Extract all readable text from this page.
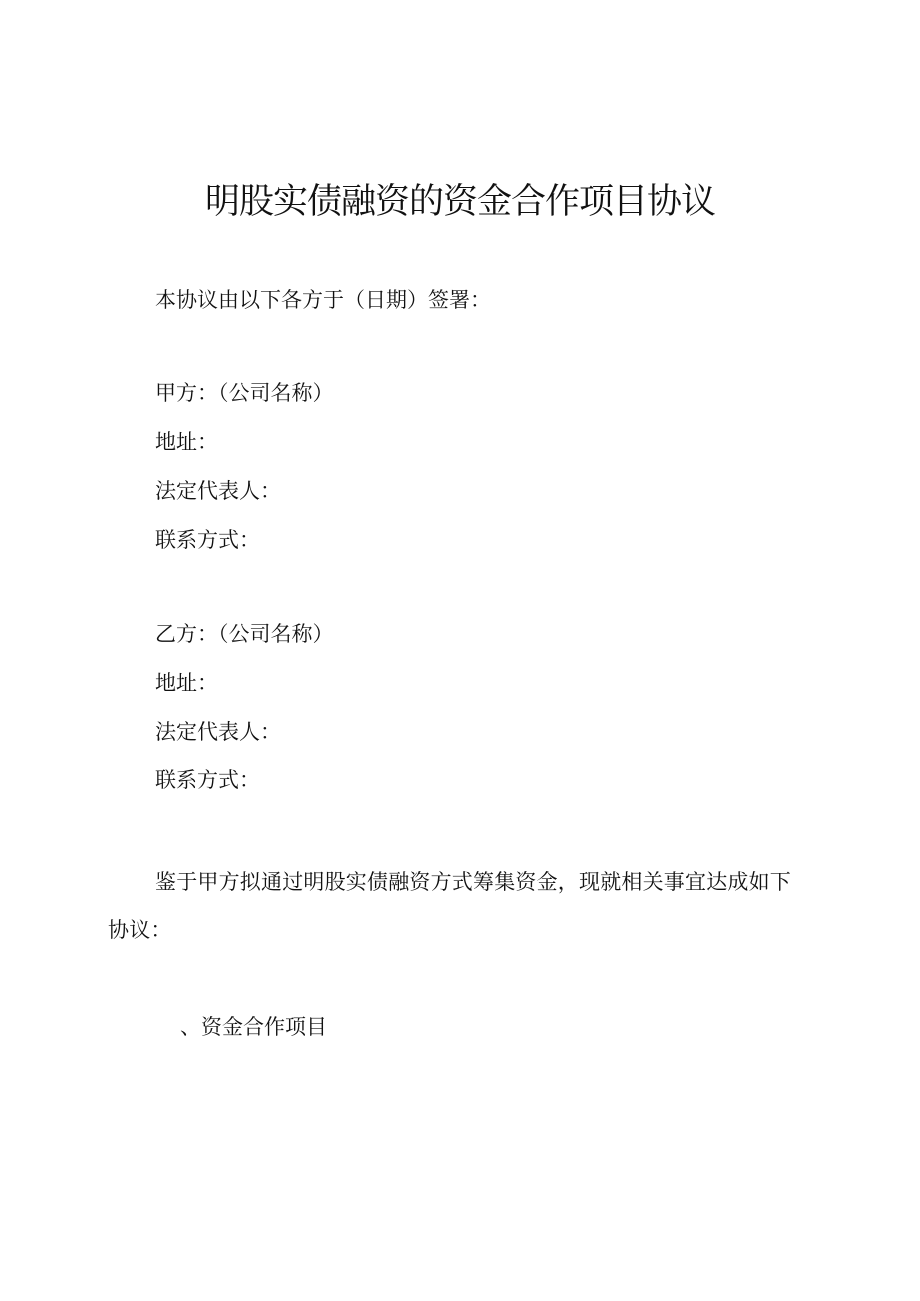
明股实债融资的资金合作项目协议

本协议由以下各方于（日期）签署：

甲方：（公司名称）

地址：

法定代表人：

联系方式：

乙方：（公司名称）

地址：

法定代表人：

联系方式：

鉴于甲方拟通过明股实债融资方式筹集资金，现就相关事宜达成如下协议：

、资金合作项目
